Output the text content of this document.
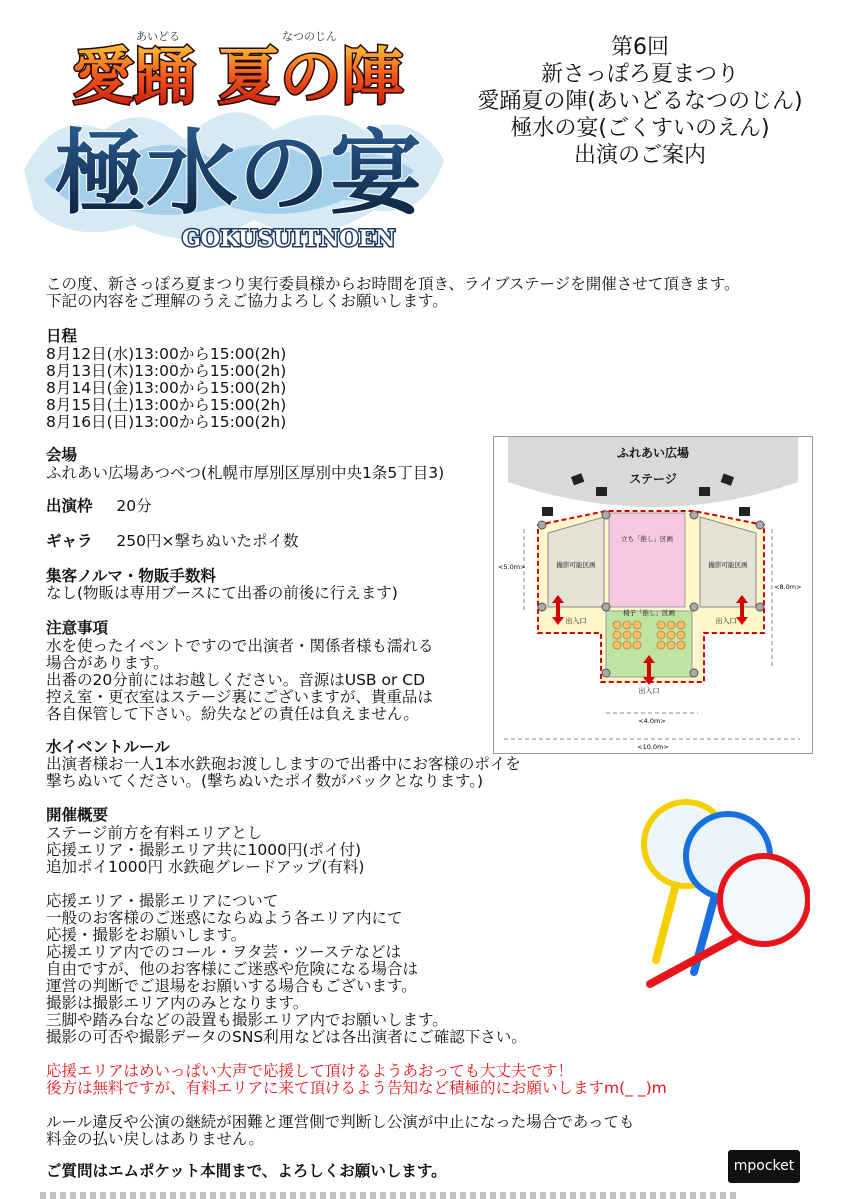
あいどる	なつのじん
愛踊 夏の陣
極水の宴
GOKUSUITNOEN
第6回
新さっぽろ夏まつり
愛踊夏の陣(あいどるなつのじん)
極水の宴(ごくすいのえん)
出演のご案内
この度、新さっぽろ夏まつり実行委員様からお時間を頂き、ライブステージを開催させて頂きます。
下記の内容をご理解のうえご協力よろしくお願いします。
日程
8月12日(水)13:00から15:00(2h)
8月13日(木)13:00から15:00(2h)
8月14日(金)13:00から15:00(2h)
8月15日(土)13:00から15:00(2h)
8月16日(日)13:00から15:00(2h)
会場
ふれあい広場あつべつ(札幌市厚別区厚別中央1条5丁目3)
出演枠 20分
ギャラ 250円×撃ちぬいたポイ数
集客ノルマ・物販手数料
なし(物販は専用ブースにて出番の前後に行えます)
注意事項
水を使ったイベントですので出演者・関係者様も濡れる
場合があります。
出番の20分前にはお越しください。音源はUSB or CD
控え室・更衣室はステージ裏にございますが、貴重品は
各自保管して下さい。紛失などの責任は負えません。
水イベントルール
出演者様お一人1本水鉄砲お渡ししますので出番中にお客様のポイを
撃ちぬいてください。(撃ちぬいたポイ数がバックとなります。)
開催概要
ステージ前方を有料エリアとし
応援エリア・撮影エリア共に1000円(ポイ付)
追加ポイ1000円 水鉄砲グレードアップ(有料)
応援エリア・撮影エリアについて
一般のお客様のご迷惑にならぬよう各エリア内にて
応援・撮影をお願いします。
応援エリア内でのコール・ヲタ芸・ツーステなどは
自由ですが、他のお客様にご迷惑や危険になる場合は
運営の判断でご退場をお願いする場合もございます。
撮影は撮影エリア内のみとなります。
三脚や踏み台などの設置も撮影エリア内でお願いします。
撮影の可否や撮影データのSNS利用などは各出演者にご確認下さい。
応援エリアはめいっぱい大声で応援して頂けるようあおっても大丈夫です！
後方は無料ですが、有料エリアに来て頂けるよう告知など積極的にお願いしますm(_ _)m
ルール違反や公演の継続が困難と運営側で判断し公演が中止になった場合であっても
料金の払い戻しはありません。
ご質問はエムポケット本間まで、よろしくお願いします。
ふれあい広場
ステージ
撮影可能区画	撮影可能区画
立ち「推し」区画
椅子「推し」区画
出入口	出入口
出入口
<5.0m>
<8.0m>
<4.0m>
<10.0m>
mpocket
